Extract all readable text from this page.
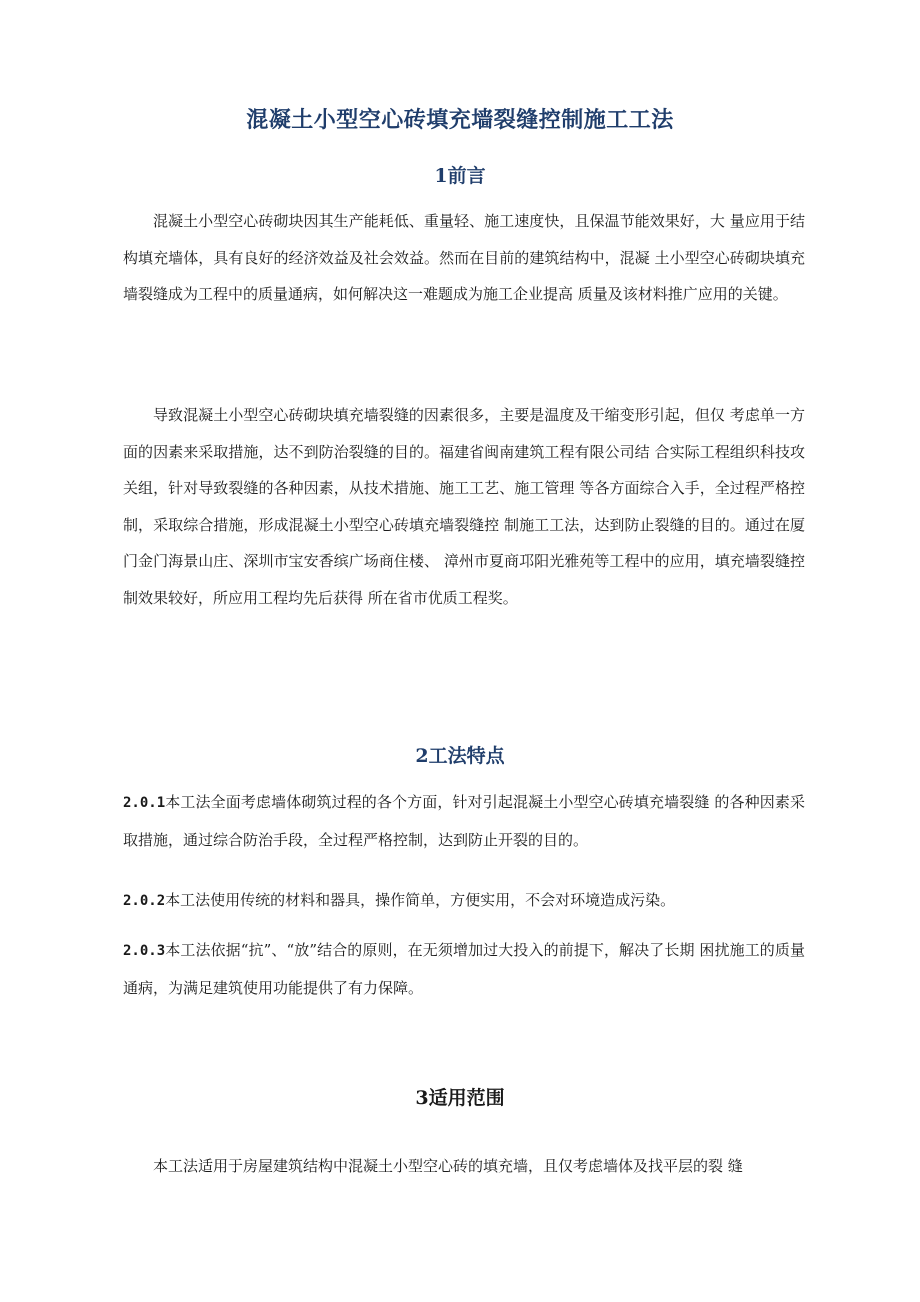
混凝土小型空心砖填充墙裂缝控制施工工法
1前言

混凝土小型空心砖砌块因其生产能耗低、重量轻、施工速度快，且保温节能效果好，大 量应用于结构填充墙体，具有良好的经济效益及社会效益。然而在目前的建筑结构中，混凝 土小型空心砖砌块填充墙裂缝成为工程中的质量通病，如何解决这一难题成为施工企业提高 质量及该材料推广应用的关键。

导致混凝土小型空心砖砌块填充墙裂缝的因素很多，主要是温度及干缩变形引起，但仅 考虑单一方面的因素来采取措施，达不到防治裂缝的目的。福建省闽南建筑工程有限公司结 合实际工程组织科技攻关组，针对导致裂缝的各种因素，从技术措施、施工工艺、施工管理 等各方面综合入手，全过程严格控制，采取综合措施，形成混凝土小型空心砖填充墙裂缝控 制施工工法，达到防止裂缝的目的。通过在厦门金门海景山庄、深圳市宝安香缤广场商住楼、 漳州市夏商邛阳光雅苑等工程中的应用，填充墙裂缝控制效果较好，所应用工程均先后获得 所在省市优质工程奖。

2工法特点

2.0.1本工法全面考虑墙体砌筑过程的各个方面，针对引起混凝土小型空心砖填充墙裂缝 的各种因素采取措施，通过综合防治手段，全过程严格控制，达到防止开裂的目的。

2.0.2本工法使用传统的材料和器具，操作简单，方便实用，不会对环境造成污染。

2.0.3本工法依据“抗”、“放”结合的原则，在无须增加过大投入的前提下，解决了长期 困扰施工的质量通病，为满足建筑使用功能提供了有力保障。

3适用范围

本工法适用于房屋建筑结构中混凝土小型空心砖的填充墙，且仅考虑墙体及找平层的裂 缝
